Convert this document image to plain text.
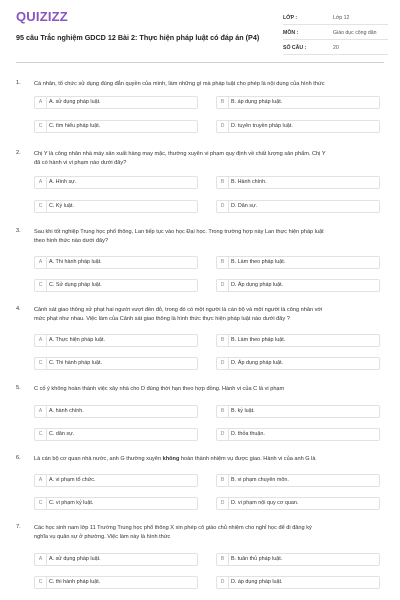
QUIZIZZ
95 câu Trắc nghiệm GDCD 12 Bài 2: Thực hiện pháp luật có đáp án (P4)
LỚP :	Lớp 12
MÔN :	Giáo dục công dân
SỐ CÂU :	20
1. Cá nhân, tổ chức sử dụng đúng đắn quyền của mình, làm những gì mà pháp luật cho phép là nội dung của hình thức
A	A. sử dụng pháp luật.	B	B. áp dụng pháp luật.
C	C. tìm hiểu pháp luật.	D	D. tuyên truyền pháp luật.
2. Chị Y là công nhân nhà máy sản xuất hàng may mặc, thường xuyên vi phạm quy định về chất lượng sản phẩm. Chị Y
đã có hành vi vi phạm nào dưới đây?
A	A. Hình sự.	B	B. Hành chính.
C	C. Kỷ luật.	D	D. Dân sự.
3. Sau khi tốt nghiệp Trung học phổ thông, Lan tiếp tục vào học Đại học. Trong trường hợp này Lan thực hiện pháp luật
theo hình thức nào dưới đây?
A	A. Thi hành pháp luật.	B	B. Làm theo pháp luật.
C	C. Sử dụng pháp luật.	D	D. Áp dụng pháp luật.
4. Cảnh sát giao thông xử phạt hai người vượt đèn đỏ, trong đó có một người là cán bộ và một người là công nhân với
mức phạt như nhau. Việc làm của Cảnh sát giao thông là hình thức thực hiện pháp luật nào dưới đây ?
A	A. Thực hiện pháp luật.	B	B. Làm theo pháp luật.
C	C. Thi hành pháp luật.	D	D. Áp dụng pháp luật.
5. C cố ý không hoàn thành việc xây nhà cho D đúng thời hạn theo hợp đồng. Hành vi của C là vi phạm
A	A. hành chính.	B	B. kỷ luật.
C	C. dân sự.	D	D. thỏa thuận.
6. Là cán bộ cơ quan nhà nước, anh G thường xuyên không hoàn thành nhiệm vụ được giao. Hành vi của anh G là
A	A. vi phạm tổ chức.	B	B. vi phạm chuyên môn.
C	C. vi phạm kỷ luật.	D	D. vi phạm nội quy cơ quan.
7. Các học sinh nam lớp 11 Trường Trung học phổ thông X xin phép cô giáo chủ nhiệm cho nghỉ học để đi đăng ký
nghĩa vụ quân sự ở phường. Việc làm này là hình thức
A	A. sử dụng pháp luật.	B	B. tuân thủ pháp luật.
C	C. thi hành pháp luật.	D	D. áp dụng pháp luật.
